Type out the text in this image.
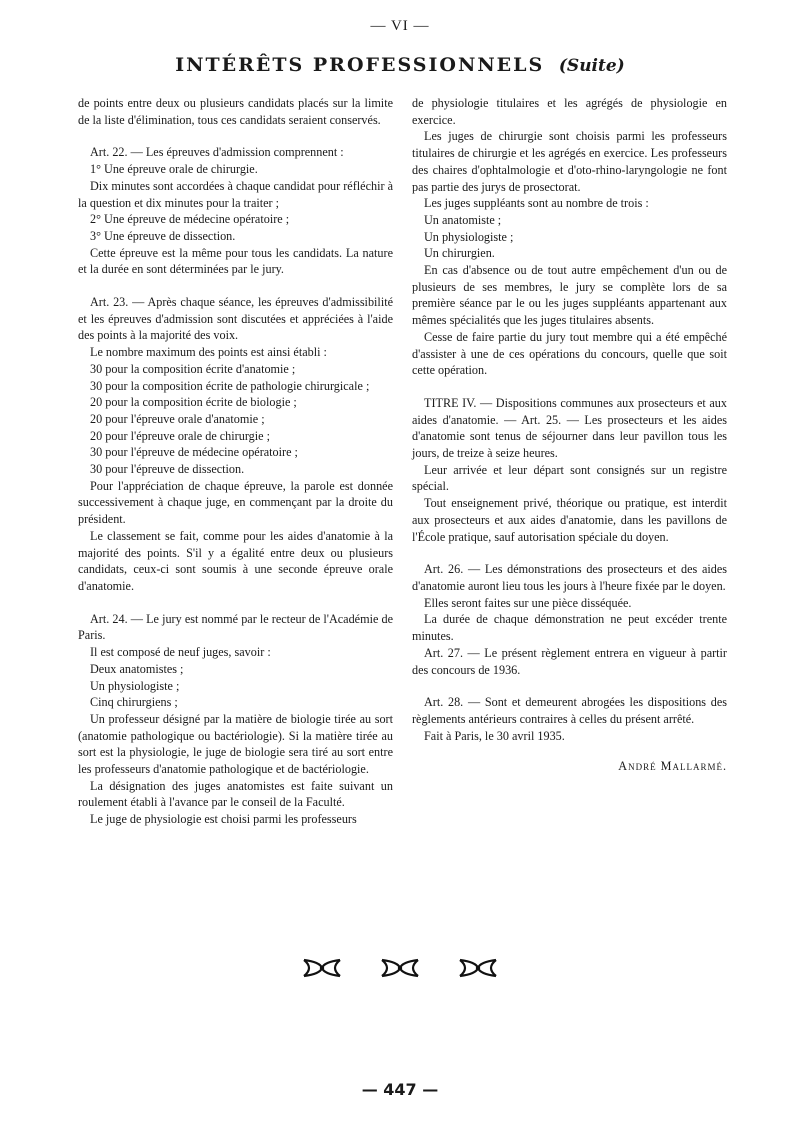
— VI —
INTÉRÊTS PROFESSIONNELS (Suite)

de points entre deux ou plusieurs candidats placés sur la limite de la liste d'élimination, tous ces candidats seraient conservés.

Art. 22. — Les épreuves d'admission comprennent :

1° Une épreuve orale de chirurgie.

Dix minutes sont accordées à chaque candidat pour réfléchir à la question et dix minutes pour la traiter ;

2° Une épreuve de médecine opératoire ;

3° Une épreuve de dissection.

Cette épreuve est la même pour tous les candidats. La nature et la durée en sont déterminées par le jury.

Art. 23. — Après chaque séance, les épreuves d'admissibilité et les épreuves d'admission sont discutées et appréciées à l'aide des points à la majorité des voix.

Le nombre maximum des points est ainsi établi :

30 pour la composition écrite d'anatomie ;

30 pour la composition écrite de pathologie chirurgicale ;

20 pour la composition écrite de biologie ;

20 pour l'épreuve orale d'anatomie ;

20 pour l'épreuve orale de chirurgie ;

30 pour l'épreuve de médecine opératoire ;

30 pour l'épreuve de dissection.

Pour l'appréciation de chaque épreuve, la parole est donnée successivement à chaque juge, en commençant par la droite du président.

Le classement se fait, comme pour les aides d'anatomie à la majorité des points. S'il y a égalité entre deux ou plusieurs candidats, ceux-ci sont soumis à une seconde épreuve orale d'anatomie.

Art. 24. — Le jury est nommé par le recteur de l'Académie de Paris.

Il est composé de neuf juges, savoir :

Deux anatomistes ;

Un physiologiste ;

Cinq chirurgiens ;

Un professeur désigné par la matière de biologie tirée au sort (anatomie pathologique ou bactériologie). Si la matière tirée au sort est la physiologie, le juge de biologie sera tiré au sort entre les professeurs d'anatomie pathologique et de bactériologie.

La désignation des juges anatomistes est faite suivant un roulement établi à l'avance par le conseil de la Faculté.

Le juge de physiologie est choisi parmi les professeurs

de physiologie titulaires et les agrégés de physiologie en exercice.

Les juges de chirurgie sont choisis parmi les professeurs titulaires de chirurgie et les agrégés en exercice. Les professeurs des chaires d'ophtalmologie et d'oto-rhino-laryngologie ne font pas partie des jurys de prosectorat.

Les juges suppléants sont au nombre de trois :

Un anatomiste ;

Un physiologiste ;

Un chirurgien.

En cas d'absence ou de tout autre empêchement d'un ou de plusieurs de ses membres, le jury se complète lors de sa première séance par le ou les juges suppléants appartenant aux mêmes spécialités que les juges titulaires absents.

Cesse de faire partie du jury tout membre qui a été empêché d'assister à une de ces opérations du concours, quelle que soit cette opération.

TITRE IV. — Dispositions communes aux prosecteurs et aux aides d'anatomie. — Art. 25. — Les prosecteurs et les aides d'anatomie sont tenus de séjourner dans leur pavillon tous les jours, de treize à seize heures.

Leur arrivée et leur départ sont consignés sur un registre spécial.

Tout enseignement privé, théorique ou pratique, est interdit aux prosecteurs et aux aides d'anatomie, dans les pavillons de l'École pratique, sauf autorisation spéciale du doyen.

Art. 26. — Les démonstrations des prosecteurs et des aides d'anatomie auront lieu tous les jours à l'heure fixée par le doyen.

Elles seront faites sur une pièce disséquée.

La durée de chaque démonstration ne peut excéder trente minutes.

Art. 27. — Le présent règlement entrera en vigueur à partir des concours de 1936.

Art. 28. — Sont et demeurent abrogées les dispositions des règlements antérieurs contraires à celles du présent arrêté.

Fait à Paris, le 30 avril 1935.

André Mallarmé.
— 447 —
